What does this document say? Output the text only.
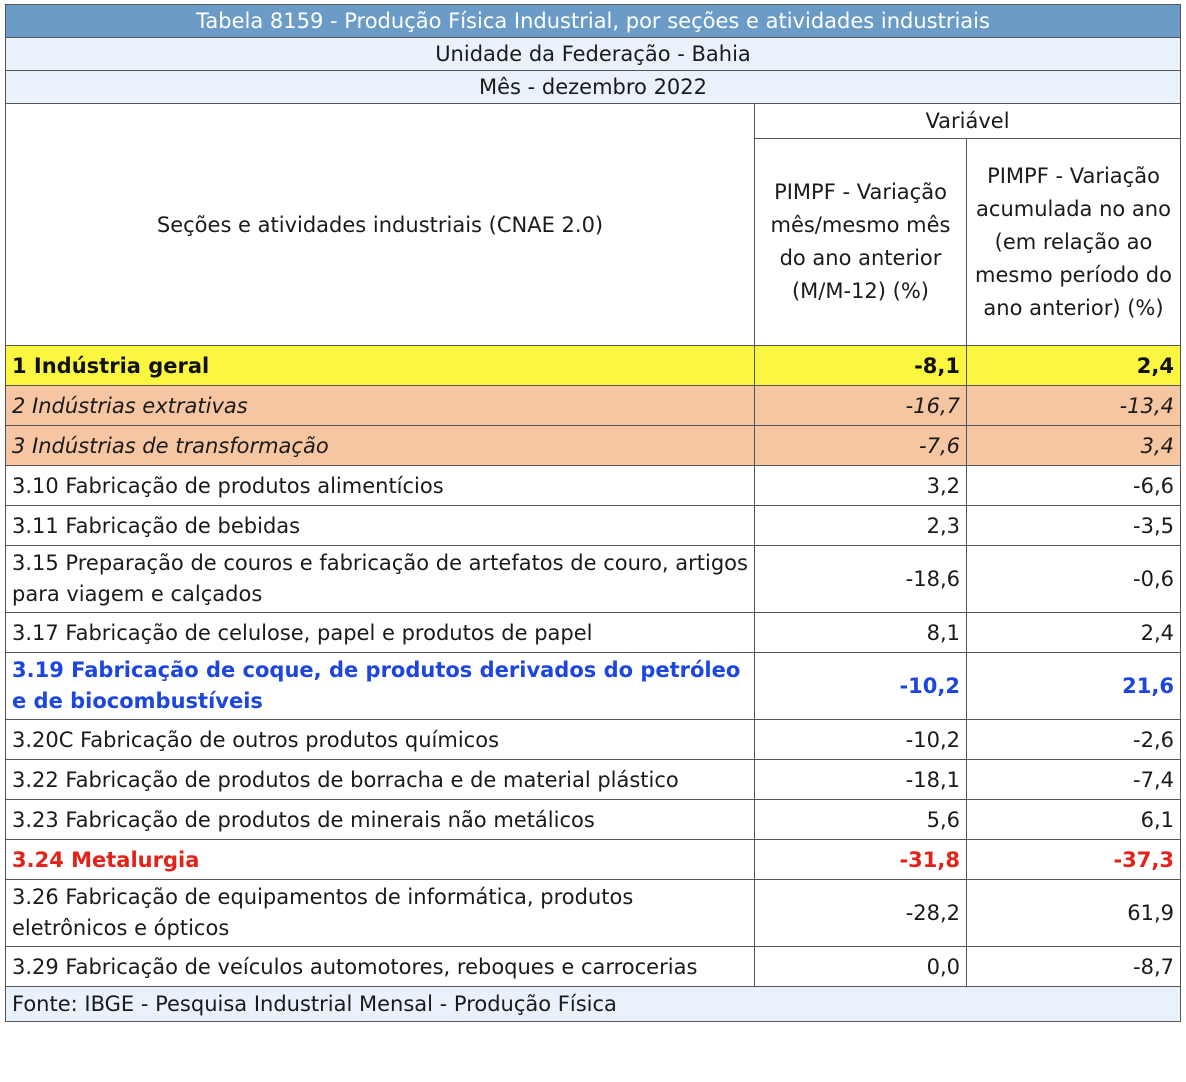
Tabela 8159 - Produção Física Industrial, por seções e atividades industriais		
Unidade da Federação - Bahia		
Mês - dezembro 2022		
Seções e atividades industriais (CNAE 2.0)	Variável	
	PIMPF - Variação mês/mesmo mês do ano anterior (M/M-12) (%)	PIMPF - Variação acumulada no ano (em relação ao mesmo período do ano anterior) (%)
1 Indústria geral	-8,1	2,4
2 Indústrias extrativas	-16,7	-13,4
3 Indústrias de transformação	-7,6	3,4
3.10 Fabricação de produtos alimentícios	3,2	-6,6
3.11 Fabricação de bebidas	2,3	-3,5
3.15 Preparação de couros e fabricação de artefatos de couro, artigos para viagem e calçados	-18,6	-0,6
3.17 Fabricação de celulose, papel e produtos de papel	8,1	2,4
3.19 Fabricação de coque, de produtos derivados do petróleo e de biocombustíveis	-10,2	21,6
3.20C Fabricação de outros produtos químicos	-10,2	-2,6
3.22 Fabricação de produtos de borracha e de material plástico	-18,1	-7,4
3.23 Fabricação de produtos de minerais não metálicos	5,6	6,1
3.24 Metalurgia	-31,8	-37,3
3.26 Fabricação de equipamentos de informática, produtos eletrônicos e ópticos	-28,2	61,9
3.29 Fabricação de veículos automotores, reboques e carrocerias	0,0	-8,7
Fonte: IBGE - Pesquisa Industrial Mensal - Produção Física		
